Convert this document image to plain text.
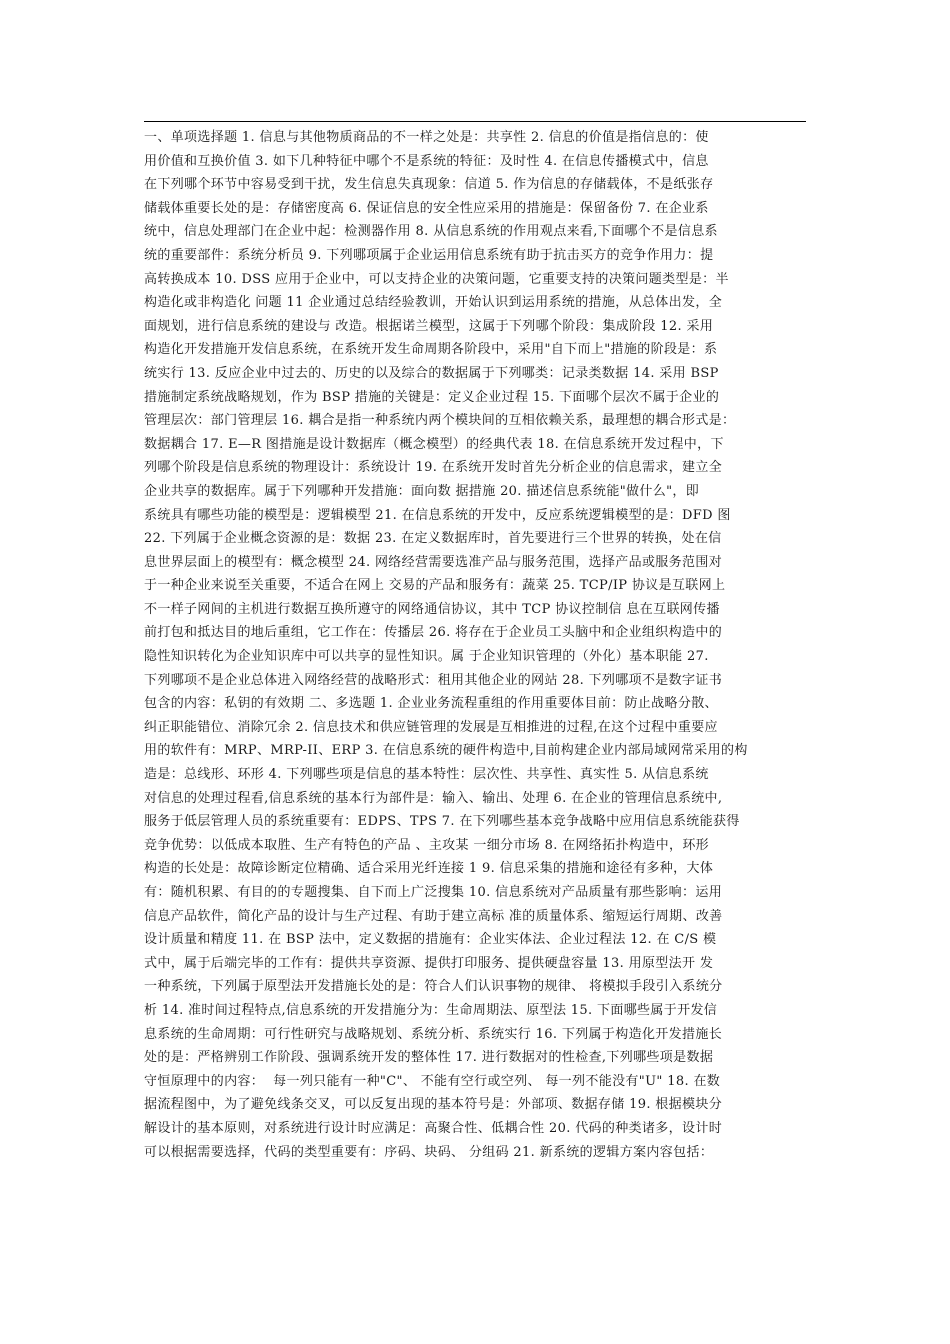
一、单项选择题 1. 信息与其他物质商品的不一样之处是：共享性 2. 信息的价值是指信息的：使
用价值和互换价值 3. 如下几种特征中哪个不是系统的特征：及时性 4. 在信息传播模式中，信息
在下列哪个环节中容易受到干扰，发生信息失真现象：信道 5. 作为信息的存储载体，不是纸张存
储载体重要长处的是：存储密度高 6. 保证信息的安全性应采用的措施是：保留备份 7. 在企业系
统中，信息处理部门在企业中起：检测器作用 8. 从信息系统的作用观点来看,下面哪个不是信息系
统的重要部件：系统分析员 9. 下列哪项属于企业运用信息系统有助于抗击买方的竞争作用力：提
高转换成本 10. DSS 应用于企业中，可以支持企业的决策问题，它重要支持的决策问题类型是：半
构造化或非构造化 问题 11 企业通过总结经验教训，开始认识到运用系统的措施，从总体出发，全
面规划，进行信息系统的建设与 改造。根据诺兰模型，这属于下列哪个阶段：集成阶段 12. 采用
构造化开发措施开发信息系统，在系统开发生命周期各阶段中，采用"自下而上"措施的阶段是：系
统实行 13. 反应企业中过去的、历史的以及综合的数据属于下列哪类：记录类数据 14. 采用 BSP
措施制定系统战略规划，作为 BSP 措施的关键是：定义企业过程 15. 下面哪个层次不属于企业的
管理层次：部门管理层 16. 耦合是指一种系统内两个模块间的互相依赖关系，最理想的耦合形式是：
数据耦合 17. E—R 图措施是设计数据库（概念模型）的经典代表 18. 在信息系统开发过程中，下
列哪个阶段是信息系统的物理设计：系统设计 19. 在系统开发时首先分析企业的信息需求，建立全
企业共享的数据库。属于下列哪种开发措施：面向数 据措施 20. 描述信息系统能"做什么"，即
系统具有哪些功能的模型是：逻辑模型 21. 在信息系统的开发中，反应系统逻辑模型的是：DFD 图
22. 下列属于企业概念资源的是：数据 23. 在定义数据库时，首先要进行三个世界的转换，处在信
息世界层面上的模型有：概念模型 24. 网络经营需要选准产品与服务范围，选择产品或服务范围对
于一种企业来说至关重要，不适合在网上 交易的产品和服务有：蔬菜 25. TCP/IP 协议是互联网上
不一样子网间的主机进行数据互换所遵守的网络通信协议，其中 TCP 协议控制信 息在互联网传播
前打包和抵达目的地后重组，它工作在：传播层 26. 将存在于企业员工头脑中和企业组织构造中的
隐性知识转化为企业知识库中可以共享的显性知识。属 于企业知识管理的（外化）基本职能 27.
下列哪项不是企业总体进入网络经营的战略形式：租用其他企业的网站 28. 下列哪项不是数字证书
包含的内容：私钥的有效期 二、多选题 1. 企业业务流程重组的作用重要体目前：防止战略分散、
纠正职能错位、消除冗余 2. 信息技术和供应链管理的发展是互相推进的过程,在这个过程中重要应
用的软件有：MRP、MRP-II、ERP 3. 在信息系统的硬件构造中,目前构建企业内部局域网常采用的构
造是：总线形、环形 4. 下列哪些项是信息的基本特性：层次性、共享性、真实性 5. 从信息系统
对信息的处理过程看,信息系统的基本行为部件是：输入、输出、处理 6. 在企业的管理信息系统中,
服务于低层管理人员的系统重要有：EDPS、TPS 7. 在下列哪些基本竞争战略中应用信息系统能获得
竞争优势：以低成本取胜、生产有特色的产品 、主攻某 一细分市场 8. 在网络拓扑构造中，环形
构造的长处是：故障诊断定位精确、适合采用光纤连接 1 9. 信息采集的措施和途径有多种，大体
有：随机积累、有目的的专题搜集、自下而上广泛搜集 10. 信息系统对产品质量有那些影响：运用
信息产品软件，简化产品的设计与生产过程、有助于建立高标 准的质量体系、缩短运行周期、改善
设计质量和精度 11. 在 BSP 法中，定义数据的措施有：企业实体法、企业过程法 12. 在 C/S 模
式中，属于后端完毕的工作有：提供共享资源、提供打印服务、提供硬盘容量 13. 用原型法开 发
一种系统，下列属于原型法开发措施长处的是：符合人们认识事物的规律、 将模拟手段引入系统分
析 14. 准时间过程特点,信息系统的开发措施分为：生命周期法、原型法 15. 下面哪些属于开发信
息系统的生命周期：可行性研究与战略规划、系统分析、系统实行 16. 下列属于构造化开发措施长
处的是：严格辨别工作阶段、强调系统开发的整体性 17. 进行数据对的性检查,下列哪些项是数据
守恒原理中的内容：  每一列只能有一种"C"、 不能有空行或空列、 每一列不能没有"U" 18. 在数
据流程图中，为了避免线条交叉，可以反复出现的基本符号是：外部项、数据存储 19. 根据模块分
解设计的基本原则，对系统进行设计时应满足：高聚合性、低耦合性 20. 代码的种类诸多，设计时
可以根据需要选择，代码的类型重要有：序码、块码、 分组码 21. 新系统的逻辑方案内容包括：
